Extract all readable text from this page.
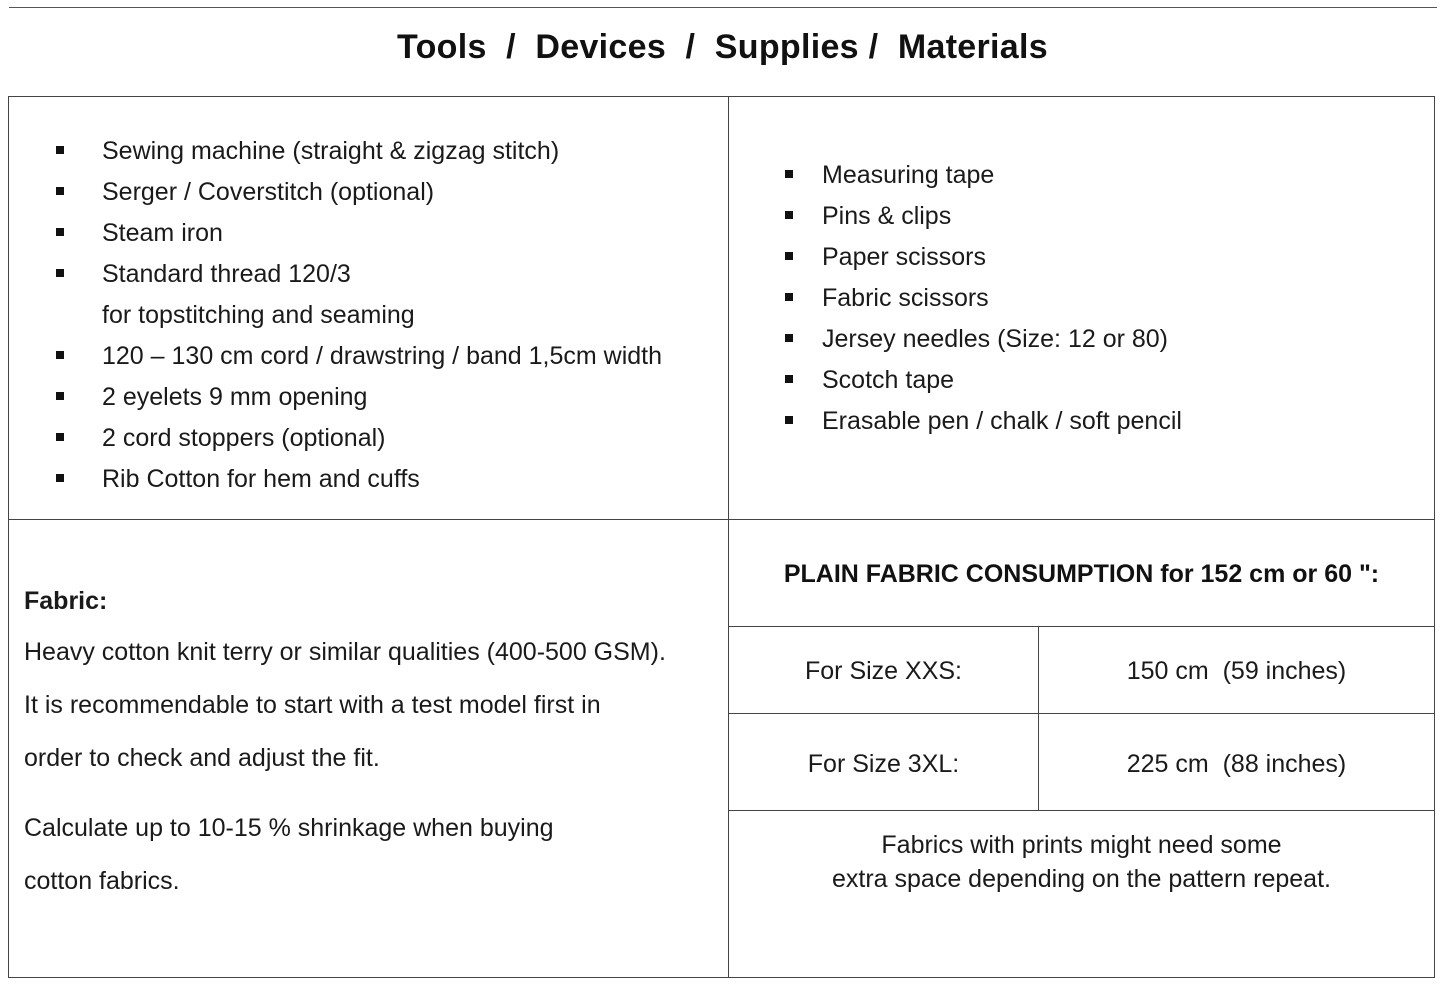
Tools  /  Devices  /  Supplies /  Materials
Sewing machine (straight & zigzag stitch)
Serger / Coverstitch (optional)
Steam iron
Standard thread 120/3
for topstitching and seaming
120 – 130 cm cord / drawstring / band 1,5cm width
2 eyelets 9 mm opening
2 cord stoppers (optional)
Rib Cotton for hem and cuffs
Measuring tape
Pins & clips
Paper scissors
Fabric scissors
Jersey needles (Size: 12 or 80)
Scotch tape
Erasable pen / chalk / soft pencil

Fabric:

Heavy cotton knit terry or similar qualities (400-500 GSM).

It is recommendable to start with a test model first in

order to check and adjust the fit.

Calculate up to 10-15 % shrinkage when buying

cotton fabrics.

PLAIN FABRIC CONSUMPTION for 152 cm or 60 ":
For Size XXS:	150 cm  (59 inches)
For Size 3XL:	225 cm  (88 inches)
Fabrics with prints might need some
extra space depending on the pattern repeat.
